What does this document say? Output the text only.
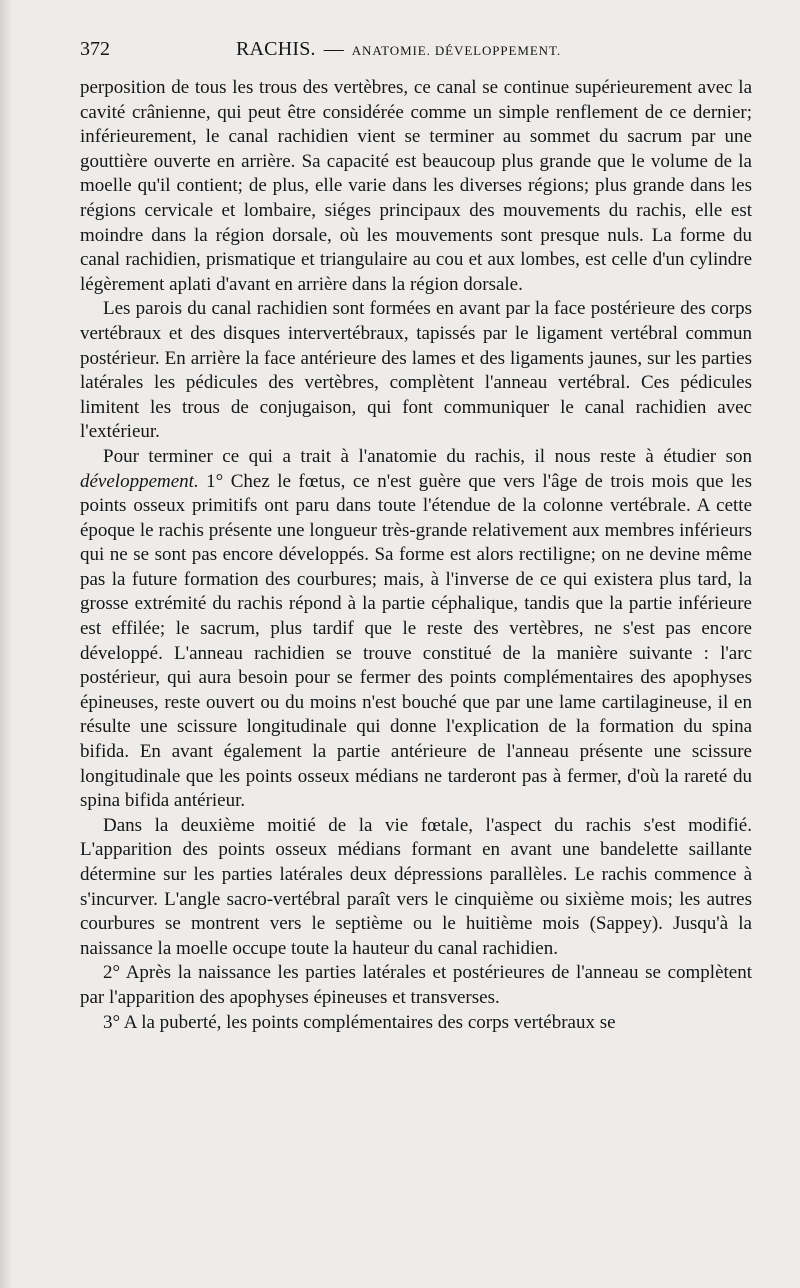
372	RACHIS. — ANATOMIE. DÉVELOPPEMENT.

perposition de tous les trous des vertèbres, ce canal se continue supérieurement avec la cavité crânienne, qui peut être considérée comme un simple renflement de ce dernier; inférieurement, le canal rachidien vient se terminer au sommet du sacrum par une gouttière ouverte en arrière. Sa capacité est beaucoup plus grande que le volume de la moelle qu'il contient; de plus, elle varie dans les diverses régions; plus grande dans les régions cervicale et lombaire, siéges principaux des mouvements du rachis, elle est moindre dans la région dorsale, où les mouvements sont presque nuls. La forme du canal rachidien, prismatique et triangulaire au cou et aux lombes, est celle d'un cylindre légèrement aplati d'avant en arrière dans la région dorsale.

Les parois du canal rachidien sont formées en avant par la face postérieure des corps vertébraux et des disques intervertébraux, tapissés par le ligament vertébral commun postérieur. En arrière la face antérieure des lames et des ligaments jaunes, sur les parties latérales les pédicules des vertèbres, complètent l'anneau vertébral. Ces pédicules limitent les trous de conjugaison, qui font communiquer le canal rachidien avec l'extérieur.

Pour terminer ce qui a trait à l'anatomie du rachis, il nous reste à étudier son développement. 1° Chez le fœtus, ce n'est guère que vers l'âge de trois mois que les points osseux primitifs ont paru dans toute l'étendue de la colonne vertébrale. A cette époque le rachis présente une longueur très-grande relativement aux membres inférieurs qui ne se sont pas encore développés. Sa forme est alors rectiligne; on ne devine même pas la future formation des courbures; mais, à l'inverse de ce qui existera plus tard, la grosse extrémité du rachis répond à la partie céphalique, tandis que la partie inférieure est effilée; le sacrum, plus tardif que le reste des vertèbres, ne s'est pas encore développé. L'anneau rachidien se trouve constitué de la manière suivante : l'arc postérieur, qui aura besoin pour se fermer des points complémentaires des apophyses épineuses, reste ouvert ou du moins n'est bouché que par une lame cartilagineuse, il en résulte une scissure longitudinale qui donne l'explication de la formation du spina bifida. En avant également la partie antérieure de l'anneau présente une scissure longitudinale que les points osseux médians ne tarderont pas à fermer, d'où la rareté du spina bifida antérieur.

Dans la deuxième moitié de la vie fœtale, l'aspect du rachis s'est modifié. L'apparition des points osseux médians formant en avant une bandelette saillante détermine sur les parties latérales deux dépressions parallèles. Le rachis commence à s'incurver. L'angle sacro-vertébral paraît vers le cinquième ou sixième mois; les autres courbures se montrent vers le septième ou le huitième mois (Sappey). Jusqu'à la naissance la moelle occupe toute la hauteur du canal rachidien.

2° Après la naissance les parties latérales et postérieures de l'anneau se complètent par l'apparition des apophyses épineuses et transverses.

3° A la puberté, les points complémentaires des corps vertébraux se
